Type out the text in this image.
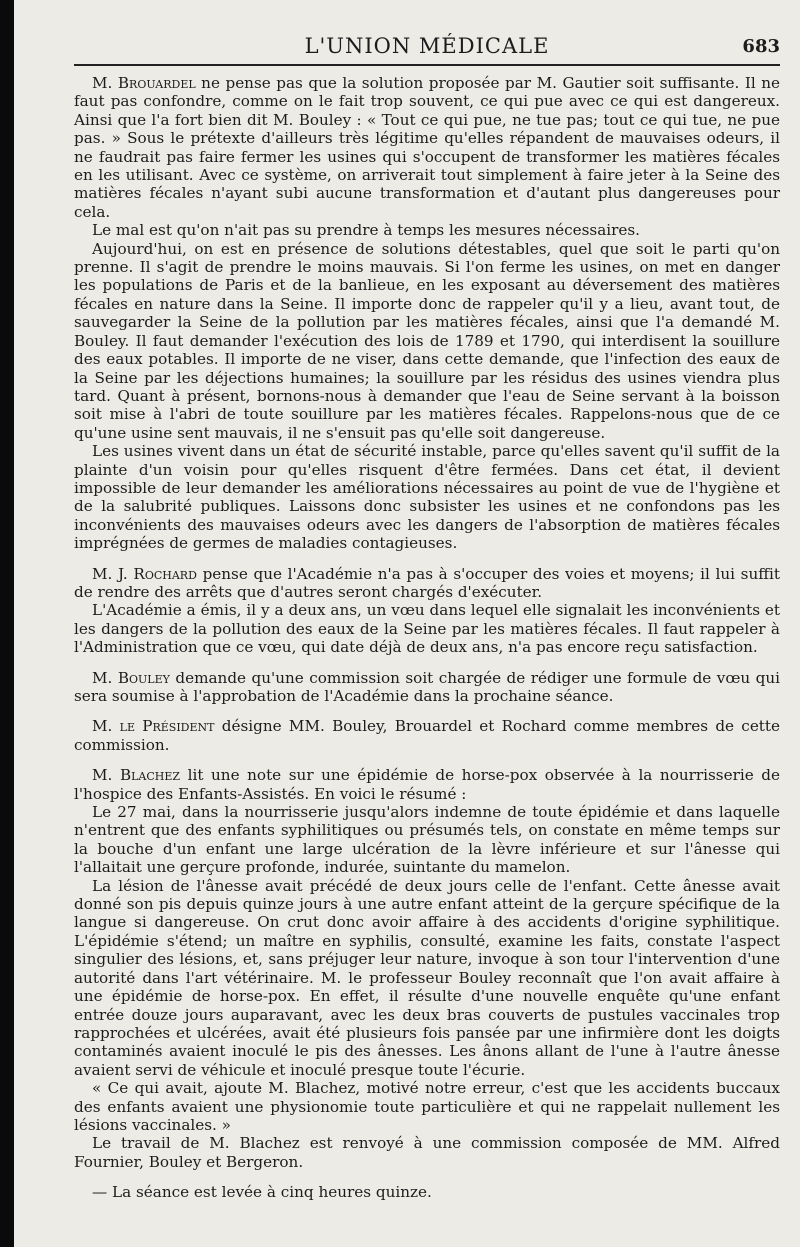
L'UNION MÉDICALE	683

M. Brouardel ne pense pas que la solution proposée par M. Gautier soit suffisante. Il ne faut pas confondre, comme on le fait trop souvent, ce qui pue avec ce qui est dangereux. Ainsi que l'a fort bien dit M. Bouley : « Tout ce qui pue, ne tue pas; tout ce qui tue, ne pue pas. » Sous le prétexte d'ailleurs très légitime qu'elles répandent de mauvaises odeurs, il ne faudrait pas faire fermer les usines qui s'occupent de transformer les matières fécales en les utilisant. Avec ce système, on arriverait tout simplement à faire jeter à la Seine des matières fécales n'ayant subi aucune transformation et d'autant plus dangereuses pour cela.

Le mal est qu'on n'ait pas su prendre à temps les mesures nécessaires.

Aujourd'hui, on est en présence de solutions détestables, quel que soit le parti qu'on prenne. Il s'agit de prendre le moins mauvais. Si l'on ferme les usines, on met en danger les populations de Paris et de la banlieue, en les exposant au déversement des matières fécales en nature dans la Seine. Il importe donc de rappeler qu'il y a lieu, avant tout, de sauvegarder la Seine de la pollution par les matières fécales, ainsi que l'a demandé M. Bouley. Il faut demander l'exécution des lois de 1789 et 1790, qui interdisent la souillure des eaux potables. Il importe de ne viser, dans cette demande, que l'infection des eaux de la Seine par les déjections humaines; la souillure par les résidus des usines viendra plus tard. Quant à présent, bornons-nous à demander que l'eau de Seine servant à la boisson soit mise à l'abri de toute souillure par les matières fécales. Rappelons-nous que de ce qu'une usine sent mauvais, il ne s'ensuit pas qu'elle soit dangereuse.

Les usines vivent dans un état de sécurité instable, parce qu'elles savent qu'il suffit de la plainte d'un voisin pour qu'elles risquent d'être fermées. Dans cet état, il devient impossible de leur demander les améliorations nécessaires au point de vue de l'hygiène et de la salubrité publiques. Laissons donc subsister les usines et ne confondons pas les inconvénients des mauvaises odeurs avec les dangers de l'absorption de matières fécales imprégnées de germes de maladies contagieuses.

M. J. Rochard pense que l'Académie n'a pas à s'occuper des voies et moyens; il lui suffit de rendre des arrêts que d'autres seront chargés d'exécuter.

L'Académie a émis, il y a deux ans, un vœu dans lequel elle signalait les inconvénients et les dangers de la pollution des eaux de la Seine par les matières fécales. Il faut rappeler à l'Administration que ce vœu, qui date déjà de deux ans, n'a pas encore reçu satisfaction.

M. Bouley demande qu'une commission soit chargée de rédiger une formule de vœu qui sera soumise à l'approbation de l'Académie dans la prochaine séance.

M. le Président désigne MM. Bouley, Brouardel et Rochard comme membres de cette commission.

M. Blachez lit une note sur une épidémie de horse-pox observée à la nourrisserie de l'hospice des Enfants-Assistés. En voici le résumé :

Le 27 mai, dans la nourrisserie jusqu'alors indemne de toute épidémie et dans laquelle n'entrent que des enfants syphilitiques ou présumés tels, on constate en même temps sur la bouche d'un enfant une large ulcération de la lèvre inférieure et sur l'ânesse qui l'allaitait une gerçure profonde, indurée, suintante du mamelon.

La lésion de l'ânesse avait précédé de deux jours celle de l'enfant. Cette ânesse avait donné son pis depuis quinze jours à une autre enfant atteint de la gerçure spécifique de la langue si dangereuse. On crut donc avoir affaire à des accidents d'origine syphilitique. L'épidémie s'étend; un maître en syphilis, consulté, examine les faits, constate l'aspect singulier des lésions, et, sans préjuger leur nature, invoque à son tour l'intervention d'une autorité dans l'art vétérinaire. M. le professeur Bouley reconnaît que l'on avait affaire à une épidémie de horse-pox. En effet, il résulte d'une nouvelle enquête qu'une enfant entrée douze jours auparavant, avec les deux bras couverts de pustules vaccinales trop rapprochées et ulcérées, avait été plusieurs fois pansée par une infirmière dont les doigts contaminés avaient inoculé le pis des ânesses. Les ânons allant de l'une à l'autre ânesse avaient servi de véhicule et inoculé presque toute l'écurie.

« Ce qui avait, ajoute M. Blachez, motivé notre erreur, c'est que les accidents buccaux des enfants avaient une physionomie toute particulière et qui ne rappelait nullement les lésions vaccinales. »

Le travail de M. Blachez est renvoyé à une commission composée de MM. Alfred Fournier, Bouley et Bergeron.

— La séance est levée à cinq heures quinze.
